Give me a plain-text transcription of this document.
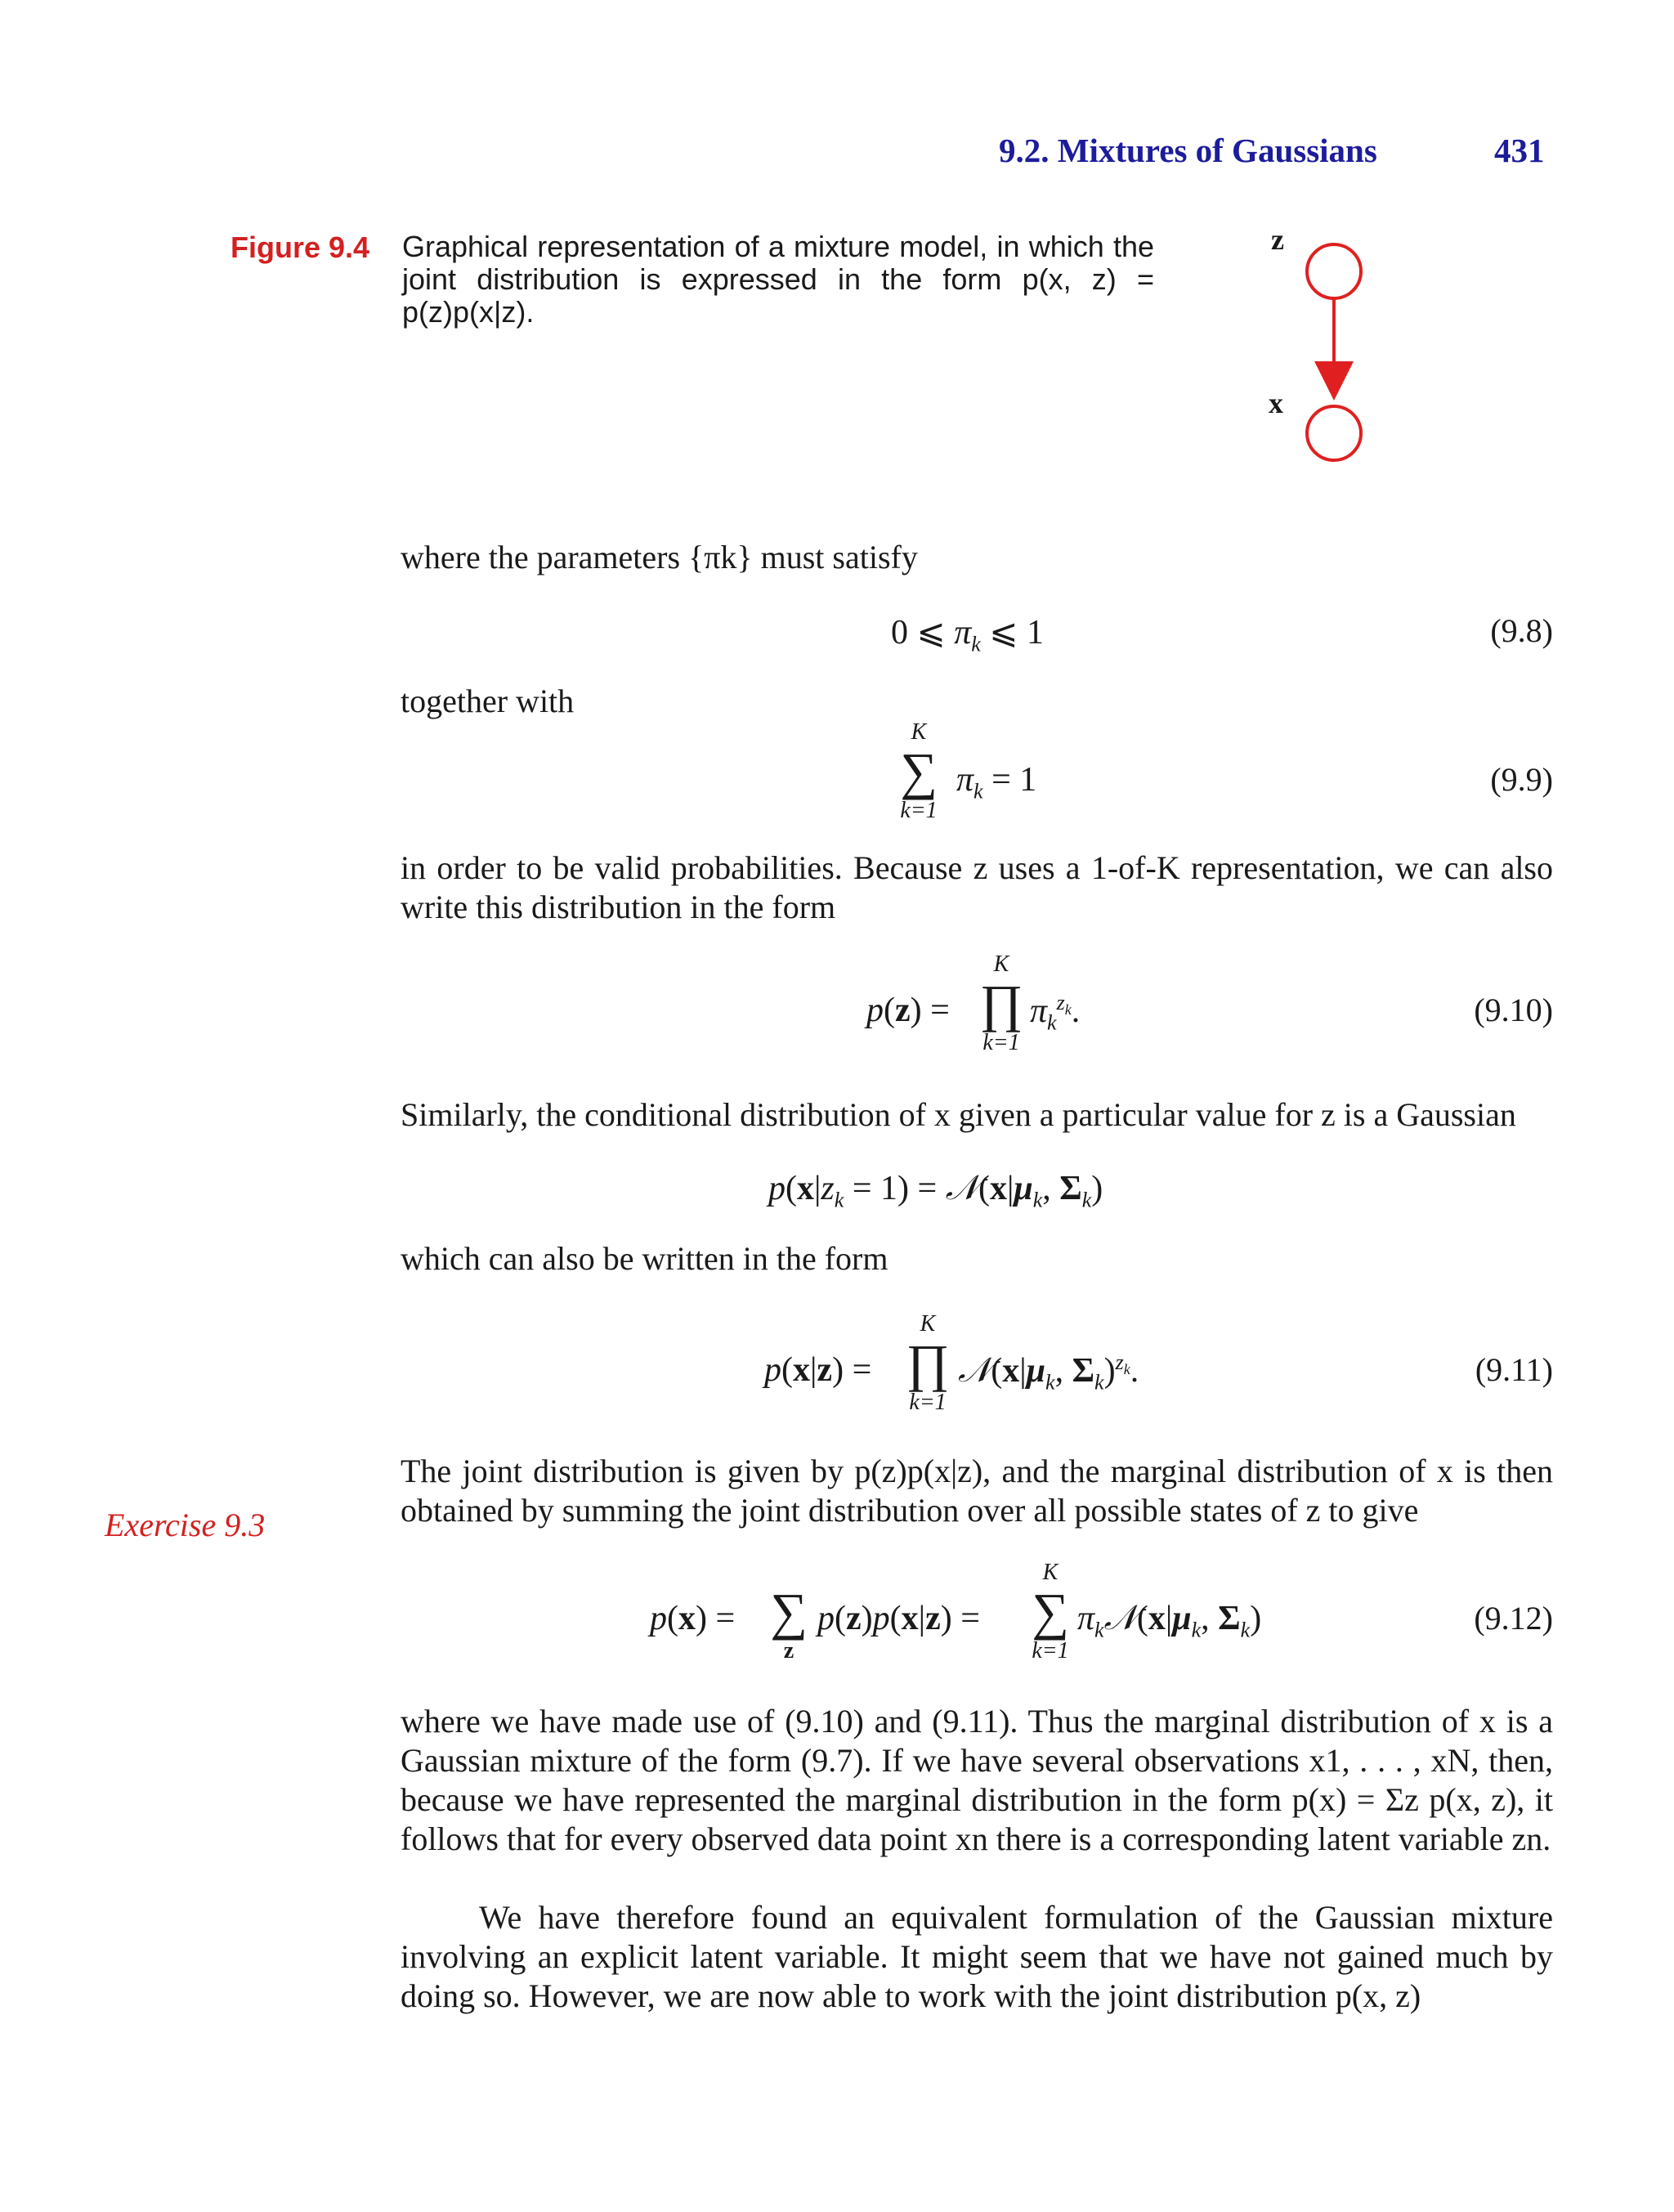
9.2. Mixtures of Gaussians	431
Figure 9.4 Graphical representation of a mixture model, in which the joint distribution is expressed in the form p(x, z) = p(z)p(x|z).
z
x
where the parameters {πk} must satisfy
0 ⩽ $\pi_k$ ⩽ 1	(9.8)
together with
K
∑
k=1
$\pi_k = 1$	(9.9)
in order to be valid probabilities. Because z uses a 1-of-K representation, we can also write this distribution in the form
p(z) =
K
∏
k=1
$\pi_k^{z_k}$.	(9.10)
Similarly, the conditional distribution of x given a particular value for z is a Gaussian
$p(x|z_k = 1)$ = $𝒩(x|\mu_k$, $\Sigma_k$)
which can also be written in the form
p(x|z) =
K
∏
k=1
$𝒩(x|\mu_k$, $\Sigma_k)^{z_k}$.	(9.11)
Exercise 9.3
The joint distribution is given by p(z)p(x|z), and the marginal distribution of x is then obtained by summing the joint distribution over all possible states of z to give
p(x) =
∑
z
p(z)p(x|z) =
K
∑
k=1
$\pi_k𝒩(x|\mu_k$, $\Sigma_k$)	(9.12)
where we have made use of (9.10) and (9.11). Thus the marginal distribution of x is a Gaussian mixture of the form (9.7). If we have several observations x1, . . . , xN, then, because we have represented the marginal distribution in the form p(x) = Σz p(x, z), it follows that for every observed data point xn there is a corresponding latent variable zn.
We have therefore found an equivalent formulation of the Gaussian mixture involving an explicit latent variable. It might seem that we have not gained much by doing so. However, we are now able to work with the joint distribution p(x, z)
